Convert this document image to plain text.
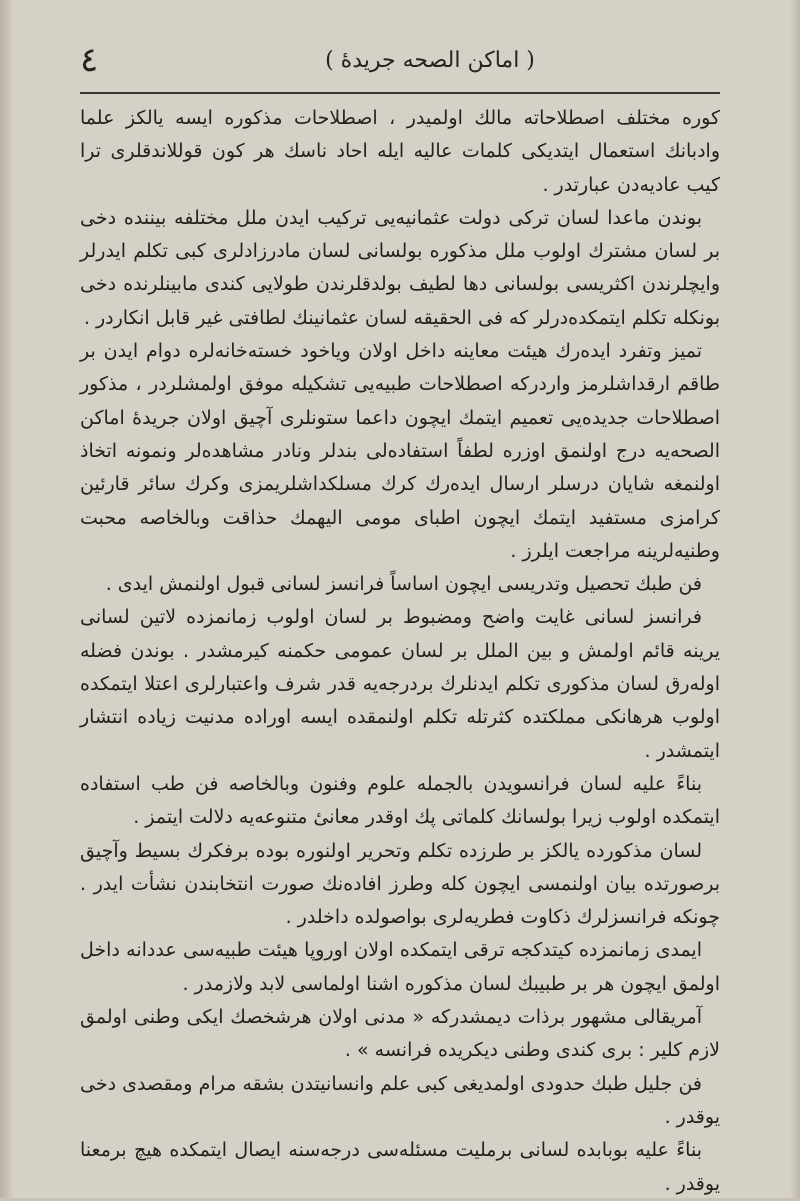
٤	( اماكن الصحه جريدهٔ )

کوره مختلف اصطلاحاته مالك اولمیدر ، اصطلاحات مذکوره ایسه یالکز علما وادبانك استعمال ایتدیکی کلمات عالیه ایله احاد ناسك هر کون قوللاندقلری ترا کیب عادیه‌دن عبارتدر .

بوندن ماعدا لسان ترکی دولت عثمانیه‌یی ترکیب ایدن ملل مختلفه بیننده دخی بر لسان مشترك اولوب ملل مذکوره بولسانی لسان مادرزادلری کبی تکلم ایدرلر وایچلرندن اکثریسی بولسانی دها لطیف بولدقلرندن طولایی کندی مابینلرنده دخی بونکله تکلم ایتمکده‌درلر که فی الحقیقه لسان عثمانینك لطافتی غیر قابل انکاردر .

تمیز وتفرد ایده‌رك هیئت معاینه داخل اولان ویاخود خسته‌خانه‌لره دوام ایدن بر طاقم ارقداشلرمز واردرکه اصطلاحات طبیه‌یی تشکیله موفق اولمشلردر ، مذکور اصطلاحات جدیده‌یی تعمیم ایتمك ایچون داعما ستونلری آچیق اولان جریدهٔ اماکن الصحه‌یه درج اولنمق اوزره لطفاً استفاده‌لی بندلر ونادر مشاهده‌لر ونمونه اتخاذ اولنمغه شایان درسلر ارسال ایده‌رك کرك مسلکداشلریمزی وکرك سائر قارئین کرامزی مستفید ایتمك ایچون اطبای مومی الیهمك حذاقت وبالخاصه محبت وطنیه‌لرینه مراجعت ایلرز .

فن طبك تحصیل وتدریسی ایچون اساساً فرانسز لسانی قبول اولنمش ایدی .

فرانسز لسانی غایت واضح ومضبوط بر لسان اولوب زمانمزده لاتین لسانی یرینه قائم اولمش و بین الملل بر لسان عمومی حکمنه کیرمشدر . بوندن فضله اوله‌رق لسان مذکوری تکلم ایدنلرك بردرجه‌یه قدر شرف واعتبارلری اعتلا ایتمکده اولوب هرهانکی مملکتده کثرتله تکلم اولنمقده ایسه اوراده مدنیت زیاده انتشار ایتمشدر .

بناءً علیه لسان فرانسویدن بالجمله علوم وفنون وبالخاصه فن طب استفاده ایتمکده اولوب زیرا بولسانك کلماتی پك اوقدر معانیٔ متنوعه‌یه دلالت ایتمز .

لسان مذکورده یالکز بر طرزده تکلم وتحریر اولنوره بوده برفکرك بسیط وآچیق برصورتده بیان اولنمسی ایچون کله وطرز افاده‌نك صورت انتخابندن نشأت ایدر . چونکه فرانسزلرك ذکاوت فطریه‌لری بواصولده داخلدر .

ایمدی زمانمزده کیتدکجه ترقی ایتمکده اولان اوروپا هیئت طبیه‌سی عددانه داخل اولمق ایچون هر بر طبیبك لسان مذکوره اشنا اولماسی لابد ولازمدر .

آمریقالی مشهور برذات دیمشدرکه « مدنی اولان هرشخصك ایکی وطنی اولمق لازم کلیر : بری کندی وطنی دیکریده فرانسه » .

فن جلیل طبك حدودی اولمدیغی کبی علم وانسانیتدن بشقه مرام ومقصدی دخی یوقدر .

بناءً علیه بوبابده لسانی برملیت مسئله‌سی درجه‌سنه ایصال ایتمکده هیچ برمعنا یوقدر .
